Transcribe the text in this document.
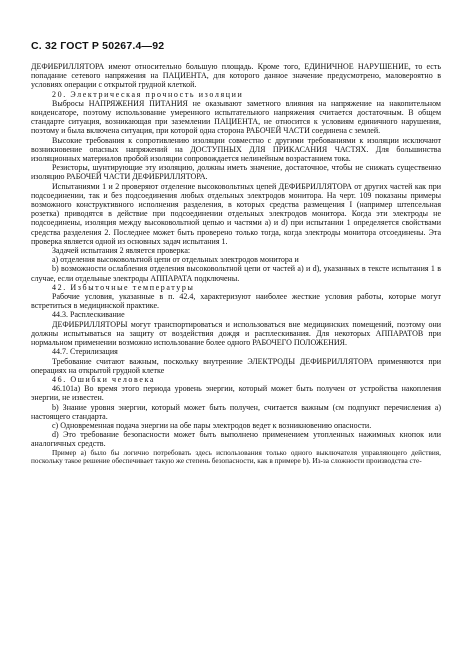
С. 32 ГОСТ Р 50267.4—92

ДЕФИБРИЛЛЯТОРА имеют относительно большую площадь. Кроме того, ЕДИНИЧНОЕ НАРУШЕНИЕ, то есть попадание сетевого напряжения на ПАЦИЕНТА, для которого данное значение предусмотрено, маловероятно в условиях операции с открытой грудной клеткой.

20. Электрическая прочность изоляции

Выбросы НАПРЯЖЕНИЯ ПИТАНИЯ не оказывают заметного влияния на напряжение на накопительном конденсаторе, поэтому использование умеренного испытательного напряжения считается достаточным. В общем стандарте ситуация, возникающая при заземлении ПАЦИЕНТА, не относится к условиям единичного нарушения, поэтому и была включена ситуация, при которой одна сторона РАБОЧЕЙ ЧАСТИ соединена с землей.

Высокие требования к сопротивлению изоляции совместно с другими требованиями к изоляции исключают возникновение опасных напряжений на ДОСТУПНЫХ ДЛЯ ПРИКАСАНИЯ ЧАСТЯХ. Для большинства изоляционных материалов пробой изоляции сопровождается нелинейным возрастанием тока.

Резисторы, шунтирующие эту изоляцию, должны иметь значение, достаточное, чтобы не снижать существенно изоляцию РАБОЧЕЙ ЧАСТИ ДЕФИБРИЛЛЯТОРА.

Испытаниями 1 и 2 проверяют отделение высоковольтных цепей ДЕФИБРИЛЛЯТОРА от других частей как при подсоединении, так и без подсоединения любых отдельных электродов монитора. На черт. 109 показаны примеры возможного конструктивного исполнения разделения, в которых средства размещения I (например штепсельная розетка) приводятся в действие при подсоединении отдельных электродов монитора. Когда эти электроды не подсоединены, изоляция между высоковольтной цепью и частями а) и d) при испытании 1 определяется свойствами средства разделения 2. Последнее может быть проверено только тогда, когда электроды монитора отсоединены. Эта проверка является одной из основных задач испытания 1.

Задачей испытания 2 является проверка:

а) отделения высоковольтной цепи от отдельных электродов монитора и

b) возможности ослабления отделения высоковольтной цепи от частей а) и d), указанных в тексте испытания 1 в случае, если отдельные электроды АППАРАТА подключены.

42. Избыточные температуры

Рабочие условия, указанные в п. 42.4, характеризуют наиболее жесткие условия работы, которые могут встретиться в медицинской практике.

44.3. Расплескивание

ДЕФИБРИЛЛЯТОРЫ могут транспортироваться и использоваться вне медицинских помещений, поэтому они должны испытываться на защиту от воздействия дождя и расплескивания. Для некоторых АППАРАТОВ при нормальном применении возможно использование более одного РАБОЧЕГО ПОЛОЖЕНИЯ.

44.7. Стерилизация

Требование считают важным, поскольку внутренние ЭЛЕКТРОДЫ ДЕФИБРИЛЛЯТОРА применяются при операциях на открытой грудной клетке

46. Ошибки человека

46.101а) Во время этого периода уровень энергии, который может быть получен от устройства накопления энергии, не известен.

b) Знание уровня энергии, который может быть получен, считается важным (см подпункт перечисления а) настоящего стандарта.

с) Одновременная подача энергии на обе пары электродов ведет к возникновению опасности.

d) Это требование безопасности может быть выполнено применением утопленных нажимных кнопок или аналогичных средств.

Пример а) было бы логично потребовать здесь использования только одного выключателя управляющего действия, поскольку такое решение обеспечивает такую же степень безопасности, как в примере b). Из-за сложности производства сте-
